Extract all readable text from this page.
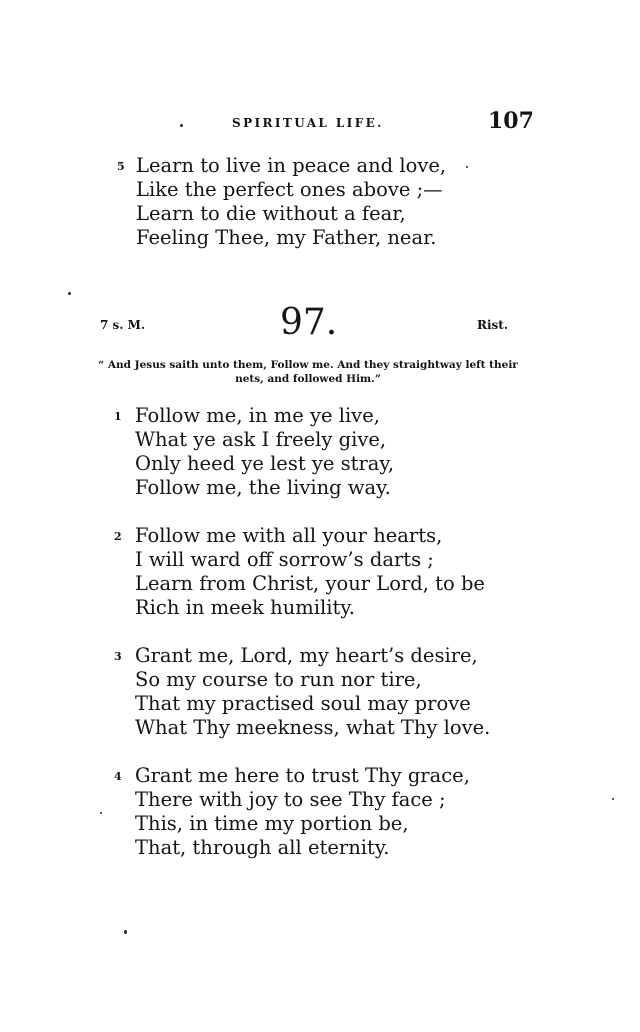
SPIRITUAL LIFE.	107
5 Learn to live in peace and love,
Like the perfect ones above ;—
Learn to die without a fear,
Feeling Thee, my Father, near.
7 s. M.	97.	Rist.
“ And Jesus saith unto them, Follow me. And they straightway left their nets, and followed Him.”
1 Follow me, in me ye live,
What ye ask I freely give,
Only heed ye lest ye stray,
Follow me, the living way.
2 Follow me with all your hearts,
I will ward off sorrow’s darts ;
Learn from Christ, your Lord, to be
Rich in meek humility.
3 Grant me, Lord, my heart’s desire,
So my course to run nor tire,
That my practised soul may prove
What Thy meekness, what Thy love.
4 Grant me here to trust Thy grace,
There with joy to see Thy face ;
This, in time my portion be,
That, through all eternity.
